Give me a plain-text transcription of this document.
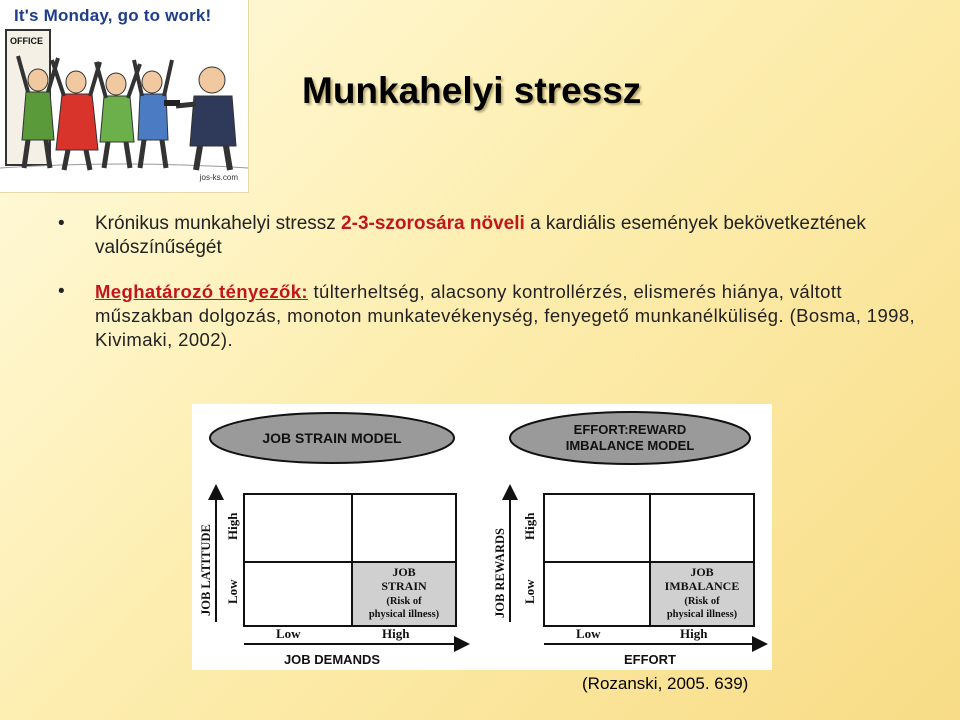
It's Monday, go to work!
OFFICE
jos-ks.com
Munkahelyi stressz
• Krónikus munkahelyi stressz 2-3-szorosára növeli a kardiális események bekövetkeztének valószínűségét
• Meghatározó tényezők: túlterheltség, alacsony kontrollérzés, elismerés hiánya, váltott műszakban dolgozás, monoton munkatevékenység, fenyegető munkanélküliség. (Bosma, 1998, Kivimaki, 2002).
JOB STRAIN MODEL
JOB
STRAIN
(Risk of
physical illness)
JOB LATITUDE High
Low
Low	High
JOB DEMANDS
EFFORT:REWARD
IMBALANCE MODEL
JOB
IMBALANCE
(Risk of
physical illness)
JOB REWARDS
High
Low
Low	High
EFFORT
(Rozanski, 2005. 639)
